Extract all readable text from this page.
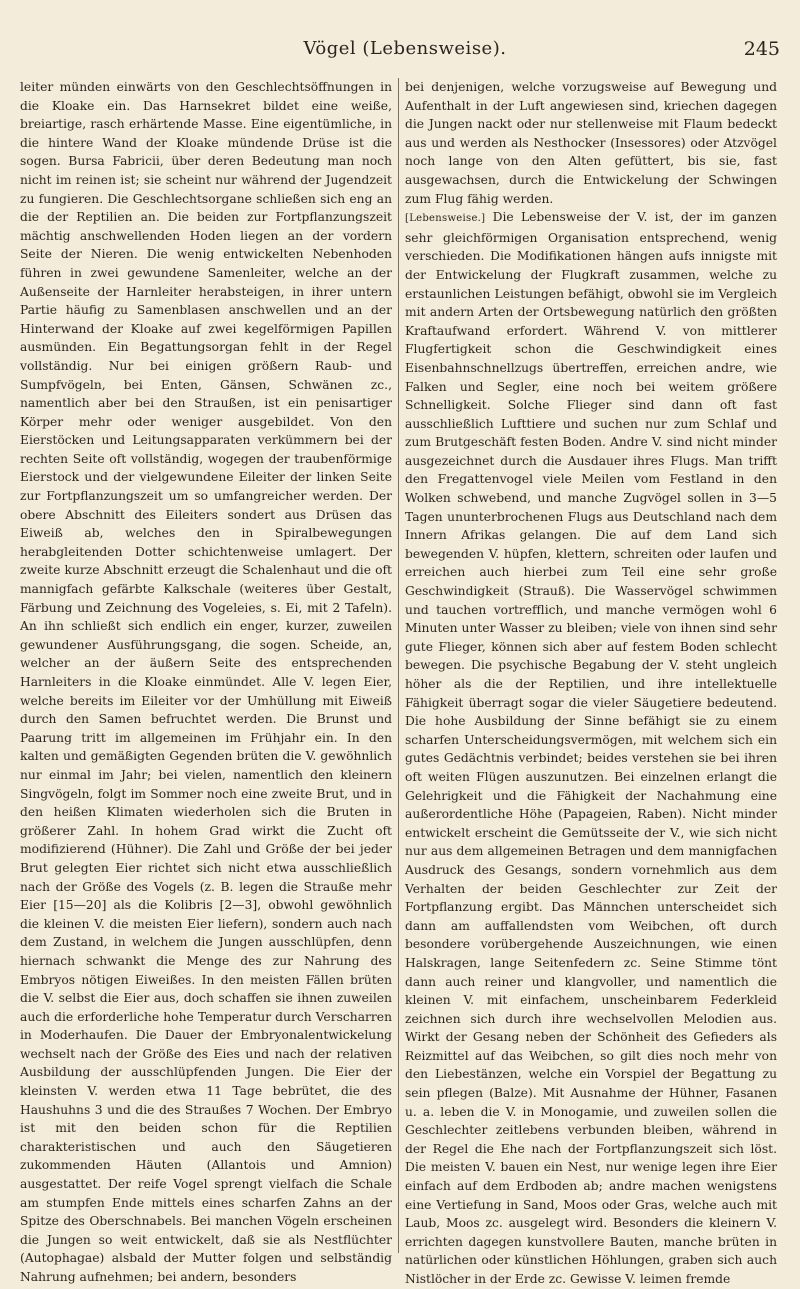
Vögel (Lebensweise).	245

leiter münden einwärts von den Geschlechtsöffnungen in die Kloake ein. Das Harnsekret bildet eine weiße, breiartige, rasch erhärtende Masse. Eine eigentümliche, in die hintere Wand der Kloake mündende Drüse ist die sogen. Bursa Fabricii, über deren Bedeutung man noch nicht im reinen ist; sie scheint nur während der Jugendzeit zu fungieren. Die Geschlechtsorgane schließen sich eng an die der Reptilien an. Die beiden zur Fortpflanzungszeit mächtig anschwellenden Hoden liegen an der vordern Seite der Nieren. Die wenig entwickelten Nebenhoden führen in zwei gewundene Samenleiter, welche an der Außenseite der Harnleiter herabsteigen, in ihrer untern Partie häufig zu Samenblasen anschwellen und an der Hinterwand der Kloake auf zwei kegelförmigen Papillen ausmünden. Ein Begattungsorgan fehlt in der Regel vollständig. Nur bei einigen größern Raub- und Sumpfvögeln, bei Enten, Gänsen, Schwänen zc., namentlich aber bei den Straußen, ist ein penisartiger Körper mehr oder weniger ausgebildet. Von den Eierstöcken und Leitungsapparaten verkümmern bei der rechten Seite oft vollständig, wogegen der traubenförmige Eierstock und der vielgewundene Eileiter der linken Seite zur Fortpflanzungszeit um so umfangreicher werden. Der obere Abschnitt des Eileiters sondert aus Drüsen das Eiweiß ab, welches den in Spiralbewegungen herabgleitenden Dotter schichtenweise umlagert. Der zweite kurze Abschnitt erzeugt die Schalenhaut und die oft mannigfach gefärbte Kalkschale (weiteres über Gestalt, Färbung und Zeichnung des Vogeleies, s. Ei, mit 2 Tafeln). An ihn schließt sich endlich ein enger, kurzer, zuweilen gewundener Ausführungsgang, die sogen. Scheide, an, welcher an der äußern Seite des entsprechenden Harnleiters in die Kloake einmündet. Alle V. legen Eier, welche bereits im Eileiter vor der Umhüllung mit Eiweiß durch den Samen befruchtet werden. Die Brunst und Paarung tritt im allgemeinen im Frühjahr ein. In den kalten und gemäßigten Gegenden brüten die V. gewöhnlich nur einmal im Jahr; bei vielen, namentlich den kleinern Singvögeln, folgt im Sommer noch eine zweite Brut, und in den heißen Klimaten wiederholen sich die Bruten in größerer Zahl. In hohem Grad wirkt die Zucht oft modifizierend (Hühner). Die Zahl und Größe der bei jeder Brut gelegten Eier richtet sich nicht etwa ausschließlich nach der Größe des Vogels (z. B. legen die Strauße mehr Eier [15—20] als die Kolibris [2—3], obwohl gewöhnlich die kleinen V. die meisten Eier liefern), sondern auch nach dem Zustand, in welchem die Jungen ausschlüpfen, denn hiernach schwankt die Menge des zur Nahrung des Embryos nötigen Eiweißes. In den meisten Fällen brüten die V. selbst die Eier aus, doch schaffen sie ihnen zuweilen auch die erforderliche hohe Temperatur durch Verscharren in Moderhaufen. Die Dauer der Embryonalentwickelung wechselt nach der Größe des Eies und nach der relativen Ausbildung der ausschlüpfenden Jungen. Die Eier der kleinsten V. werden etwa 11 Tage bebrütet, die des Haushuhns 3 und die des Straußes 7 Wochen. Der Embryo ist mit den beiden schon für die Reptilien charakteristischen und auch den Säugetieren zukommenden Häuten (Allantois und Amnion) ausgestattet. Der reife Vogel sprengt vielfach die Schale am stumpfen Ende mittels eines scharfen Zahns an der Spitze des Oberschnabels. Bei manchen Vögeln erscheinen die Jungen so weit entwickelt, daß sie als Nestflüchter (Autophagae) alsbald der Mutter folgen und selbständig Nahrung aufnehmen; bei andern, besonders

bei denjenigen, welche vorzugsweise auf Bewegung und Aufenthalt in der Luft angewiesen sind, kriechen dagegen die Jungen nackt oder nur stellenweise mit Flaum bedeckt aus und werden als Nesthocker (Insessores) oder Atzvögel noch lange von den Alten gefüttert, bis sie, fast ausgewachsen, durch die Entwickelung der Schwingen zum Flug fähig werden.

[Lebensweise.] Die Lebensweise der V. ist, der im ganzen sehr gleichförmigen Organisation entsprechend, wenig verschieden. Die Modifikationen hängen aufs innigste mit der Entwickelung der Flugkraft zusammen, welche zu erstaunlichen Leistungen befähigt, obwohl sie im Vergleich mit andern Arten der Ortsbewegung natürlich den größten Kraftaufwand erfordert. Während V. von mittlerer Flugfertigkeit schon die Geschwindigkeit eines Eisenbahnschnellzugs übertreffen, erreichen andre, wie Falken und Segler, eine noch bei weitem größere Schnelligkeit. Solche Flieger sind dann oft fast ausschließlich Lufttiere und suchen nur zum Schlaf und zum Brutgeschäft festen Boden. Andre V. sind nicht minder ausgezeichnet durch die Ausdauer ihres Flugs. Man trifft den Fregattenvogel viele Meilen vom Festland in den Wolken schwebend, und manche Zugvögel sollen in 3—5 Tagen ununterbrochenen Flugs aus Deutschland nach dem Innern Afrikas gelangen. Die auf dem Land sich bewegenden V. hüpfen, klettern, schreiten oder laufen und erreichen auch hierbei zum Teil eine sehr große Geschwindigkeit (Strauß). Die Wasservögel schwimmen und tauchen vortrefflich, und manche vermögen wohl 6 Minuten unter Wasser zu bleiben; viele von ihnen sind sehr gute Flieger, können sich aber auf festem Boden schlecht bewegen. Die psychische Begabung der V. steht ungleich höher als die der Reptilien, und ihre intellektuelle Fähigkeit überragt sogar die vieler Säugetiere bedeutend. Die hohe Ausbildung der Sinne befähigt sie zu einem scharfen Unterscheidungsvermögen, mit welchem sich ein gutes Gedächtnis verbindet; beides verstehen sie bei ihren oft weiten Flügen auszunutzen. Bei einzelnen erlangt die Gelehrigkeit und die Fähigkeit der Nachahmung eine außerordentliche Höhe (Papageien, Raben). Nicht minder entwickelt erscheint die Gemütsseite der V., wie sich nicht nur aus dem allgemeinen Betragen und dem mannigfachen Ausdruck des Gesangs, sondern vornehmlich aus dem Verhalten der beiden Geschlechter zur Zeit der Fortpflanzung ergibt. Das Männchen unterscheidet sich dann am auffallendsten vom Weibchen, oft durch besondere vorübergehende Auszeichnungen, wie einen Halskragen, lange Seitenfedern zc. Seine Stimme tönt dann auch reiner und klangvoller, und namentlich die kleinen V. mit einfachem, unscheinbarem Federkleid zeichnen sich durch ihre wechselvollen Melodien aus. Wirkt der Gesang neben der Schönheit des Gefieders als Reizmittel auf das Weibchen, so gilt dies noch mehr von den Liebestänzen, welche ein Vorspiel der Begattung zu sein pflegen (Balze). Mit Ausnahme der Hühner, Fasanen u. a. leben die V. in Monogamie, und zuweilen sollen die Geschlechter zeitlebens verbunden bleiben, während in der Regel die Ehe nach der Fortpflanzungszeit sich löst. Die meisten V. bauen ein Nest, nur wenige legen ihre Eier einfach auf dem Erdboden ab; andre machen wenigstens eine Vertiefung in Sand, Moos oder Gras, welche auch mit Laub, Moos zc. ausgelegt wird. Besonders die kleinern V. errichten dagegen kunstvollere Bauten, manche brüten in natürlichen oder künstlichen Höhlungen, graben sich auch Nistlöcher in der Erde zc. Gewisse V. leimen fremde
